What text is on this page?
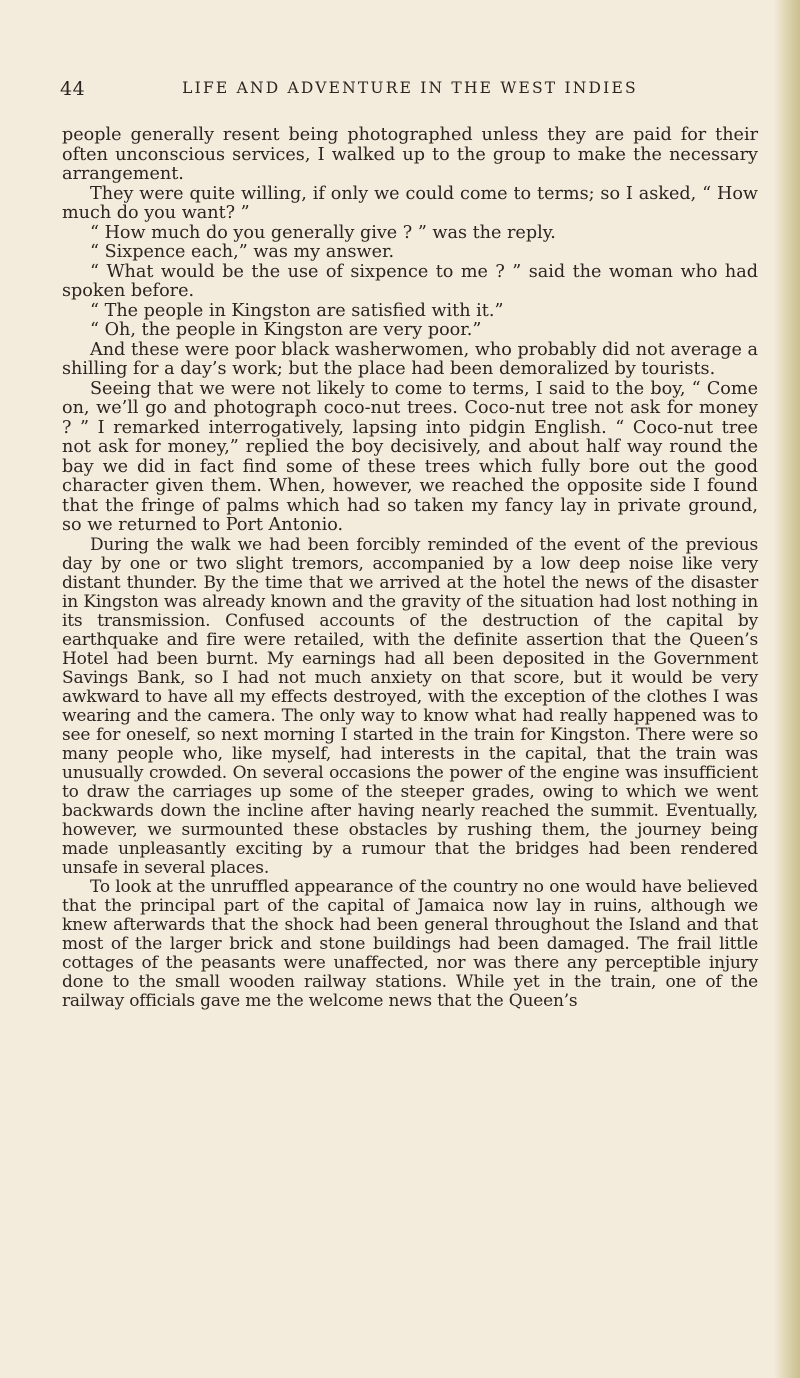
44	LIFE AND ADVENTURE IN THE WEST INDIES

people generally resent being photographed unless they are paid for their often unconscious services, I walked up to the group to make the necessary arrangement.

They were quite willing, if only we could come to terms; so I asked, “ How much do you want? ”

“ How much do you generally give ? ” was the reply.

“ Sixpence each,” was my answer.

“ What would be the use of sixpence to me ? ” said the woman who had spoken before.

“ The people in Kingston are satisfied with it.”

“ Oh, the people in Kingston are very poor.”

And these were poor black washerwomen, who probably did not average a shilling for a day’s work; but the place had been demoralized by tourists.

Seeing that we were not likely to come to terms, I said to the boy, “ Come on, we’ll go and photograph coco-nut trees. Coco-nut tree not ask for money ? ” I remarked interrogatively, lapsing into pidgin English. “ Coco-nut tree not ask for money,” replied the boy decisively, and about half way round the bay we did in fact find some of these trees which fully bore out the good character given them. When, however, we reached the opposite side I found that the fringe of palms which had so taken my fancy lay in private ground, so we returned to Port Antonio.

During the walk we had been forcibly reminded of the event of the previous day by one or two slight tremors, accompanied by a low deep noise like very distant thunder. By the time that we arrived at the hotel the news of the disaster in Kingston was already known and the gravity of the situation had lost nothing in its transmission. Confused accounts of the destruction of the capital by earthquake and fire were retailed, with the definite assertion that the Queen’s Hotel had been burnt. My earnings had all been deposited in the Government Savings Bank, so I had not much anxiety on that score, but it would be very awkward to have all my effects destroyed, with the exception of the clothes I was wearing and the camera. The only way to know what had really happened was to see for oneself, so next morning I started in the train for Kingston. There were so many people who, like myself, had interests in the capital, that the train was unusually crowded. On several occasions the power of the engine was insufficient to draw the carriages up some of the steeper grades, owing to which we went backwards down the incline after having nearly reached the summit. Eventually, however, we surmounted these obstacles by rushing them, the journey being made unpleasantly exciting by a rumour that the bridges had been rendered unsafe in several places.

To look at the unruffled appearance of the country no one would have believed that the principal part of the capital of Jamaica now lay in ruins, although we knew afterwards that the shock had been general throughout the Island and that most of the larger brick and stone buildings had been damaged. The frail little cottages of the peasants were unaffected, nor was there any perceptible injury done to the small wooden railway stations. While yet in the train, one of the railway officials gave me the welcome news that the Queen’s
